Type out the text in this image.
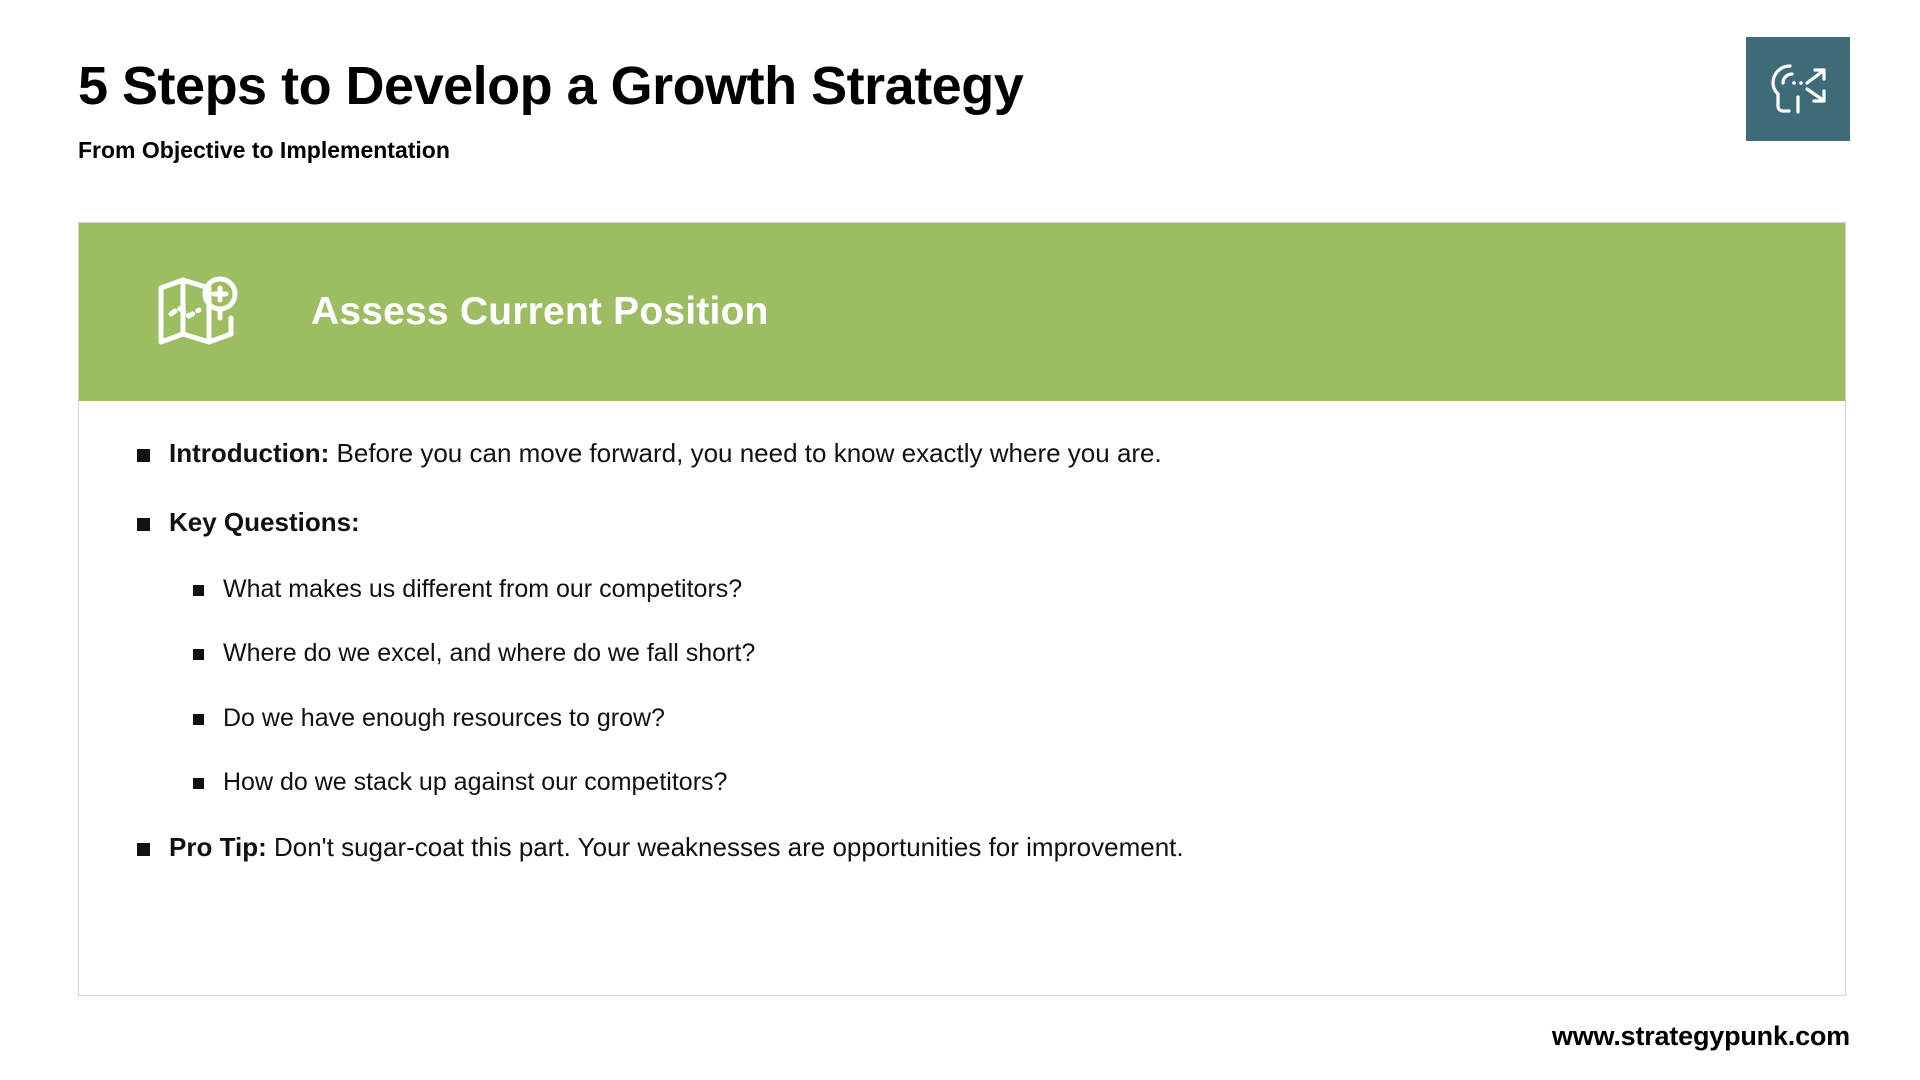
5 Steps to Develop a Growth Strategy
From Objective to Implementation
Assess Current Position
Introduction: Before you can move forward, you need to know exactly where you are.
Key Questions:
What makes us different from our competitors?
Where do we excel, and where do we fall short?
Do we have enough resources to grow?
How do we stack up against our competitors?
Pro Tip: Don't sugar-coat this part. Your weaknesses are opportunities for improvement.
www.strategypunk.com
